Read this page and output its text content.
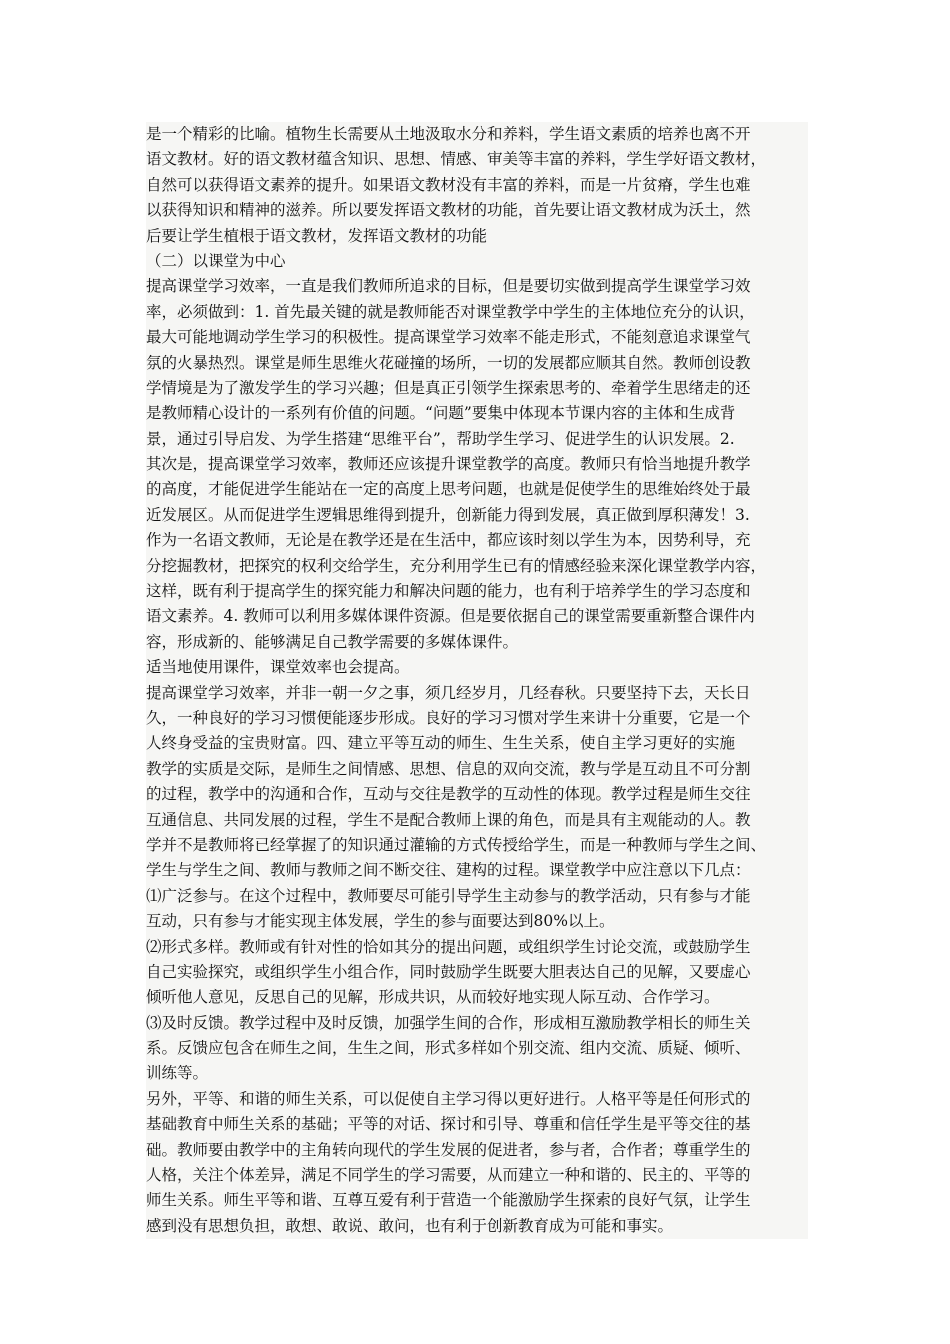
是一个精彩的比喻。植物生长需要从土地汲取水分和养料，学生语文素质的培养也离不开
语文教材。好的语文教材蕴含知识、思想、情感、审美等丰富的养料，学生学好语文教材，
自然可以获得语文素养的提升。如果语文教材没有丰富的养料，而是一片贫瘠，学生也难
以获得知识和精神的滋养。所以要发挥语文教材的功能，首先要让语文教材成为沃土，然
后要让学生植根于语文教材，发挥语文教材的功能
（二）以课堂为中心
提高课堂学习效率，一直是我们教师所追求的目标，但是要切实做到提高学生课堂学习效
率，必须做到：1. 首先最关键的就是教师能否对课堂教学中学生的主体地位充分的认识，
最大可能地调动学生学习的积极性。提高课堂学习效率不能走形式，不能刻意追求课堂气
氛的火暴热烈。课堂是师生思维火花碰撞的场所，一切的发展都应顺其自然。教师创设教
学情境是为了激发学生的学习兴趣；但是真正引领学生探索思考的、牵着学生思绪走的还
是教师精心设计的一系列有价值的问题。“问题”要集中体现本节课内容的主体和生成背
景，通过引导启发、为学生搭建“思维平台”，帮助学生学习、促进学生的认识发展。2.
其次是，提高课堂学习效率，教师还应该提升课堂教学的高度。教师只有恰当地提升教学
的高度，才能促进学生能站在一定的高度上思考问题，也就是促使学生的思维始终处于最
近发展区。从而促进学生逻辑思维得到提升，创新能力得到发展，真正做到厚积薄发！3.
作为一名语文教师，无论是在教学还是在生活中，都应该时刻以学生为本，因势利导，充
分挖掘教材，把探究的权利交给学生，充分利用学生已有的情感经验来深化课堂教学内容，
这样，既有利于提高学生的探究能力和解决问题的能力，也有利于培养学生的学习态度和
语文素养。4. 教师可以利用多媒体课件资源。但是要依据自己的课堂需要重新整合课件内
容，形成新的、能够满足自己教学需要的多媒体课件。
适当地使用课件，课堂效率也会提高。
提高课堂学习效率，并非一朝一夕之事，须几经岁月，几经春秋。只要坚持下去，天长日
久，一种良好的学习习惯便能逐步形成。良好的学习习惯对学生来讲十分重要，它是一个
人终身受益的宝贵财富。四、建立平等互动的师生、生生关系，使自主学习更好的实施
教学的实质是交际，是师生之间情感、思想、信息的双向交流，教与学是互动且不可分割
的过程，教学中的沟通和合作，互动与交往是教学的互动性的体现。教学过程是师生交往
互通信息、共同发展的过程，学生不是配合教师上课的角色，而是具有主观能动的人。教
学并不是教师将已经掌握了的知识通过灌输的方式传授给学生，而是一种教师与学生之间、
学生与学生之间、教师与教师之间不断交往、建构的过程。课堂教学中应注意以下几点：
⑴广泛参与。在这个过程中，教师要尽可能引导学生主动参与的教学活动，只有参与才能
互动，只有参与才能实现主体发展，学生的参与面要达到80%以上。
⑵形式多样。教师或有针对性的恰如其分的提出问题，或组织学生讨论交流，或鼓励学生
自己实验探究，或组织学生小组合作，同时鼓励学生既要大胆表达自己的见解，又要虚心
倾听他人意见，反思自己的见解，形成共识，从而较好地实现人际互动、合作学习。
⑶及时反馈。教学过程中及时反馈，加强学生间的合作，形成相互激励教学相长的师生关
系。反馈应包含在师生之间，生生之间，形式多样如个别交流、组内交流、质疑、倾听、
训练等。
另外，平等、和谐的师生关系，可以促使自主学习得以更好进行。人格平等是任何形式的
基础教育中师生关系的基础；平等的对话、探讨和引导、尊重和信任学生是平等交往的基
础。教师要由教学中的主角转向现代的学生发展的促进者，参与者，合作者；尊重学生的
人格，关注个体差异，满足不同学生的学习需要，从而建立一种和谐的、民主的、平等的
师生关系。师生平等和谐、互尊互爱有利于营造一个能激励学生探索的良好气氛，让学生
感到没有思想负担，敢想、敢说、敢问，也有利于创新教育成为可能和事实。
